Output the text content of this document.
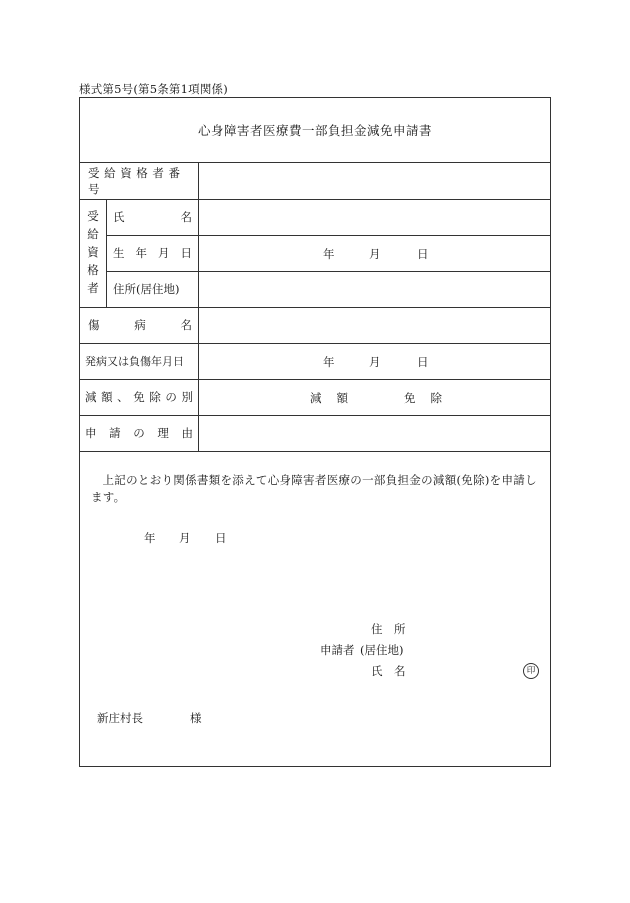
様式第5号(第5条第1項関係)
心身障害者医療費一部負担金減免申請書
受給資格者番号
受
給
資
格
者
氏	名
生 年 月 日	年	月	日
住所(居住地)
傷	病	名
発病又は負傷年月日	年	月	日
減 額 、 免 除 の 別	減 額	免 除
申 請 の 理 由
上記のとおり関係書類を添えて心身障害者医療の一部負担金の減額(免除)を申請します。
年 月 日
住　所
申請者 (居住地)
氏　名	印
新庄村長	様
